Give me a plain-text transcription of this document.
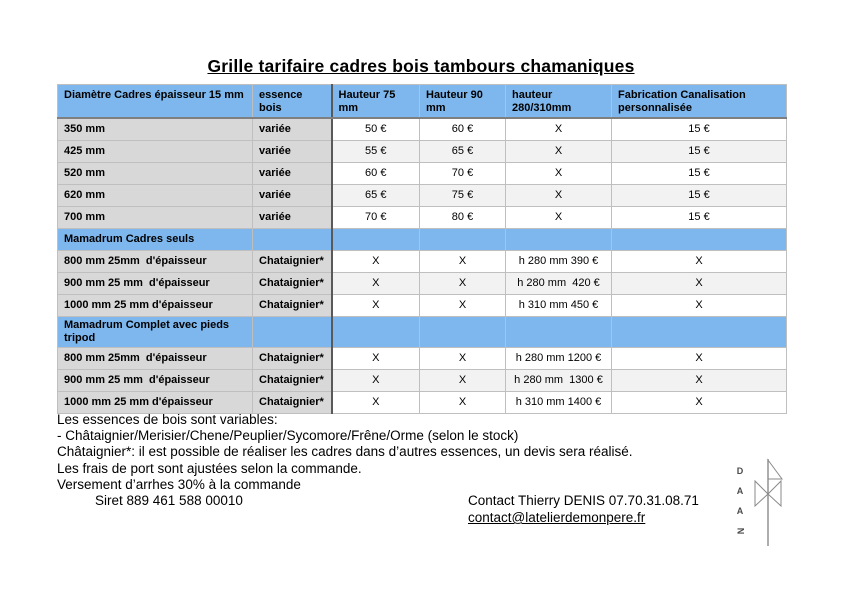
Grille tarifaire cadres bois tambours chamaniques
Diamètre Cadres épaisseur 15 mm	essence bois	Hauteur 75 mm	Hauteur 90 mm	hauteur 280/310mm	Fabrication Canalisation personnalisée
350 mm	variée	50 €	60 €	X	15 €
425 mm	variée	55 €	65 €	X	15 €
520 mm	variée	60 €	70 €	X	15 €
620 mm	variée	65 €	75 €	X	15 €
700 mm	variée	70 €	80 €	X	15 €
Mamadrum Cadres seuls					
800 mm 25mm  d'épaisseur	Chataignier*	X	X	h 280 mm 390 €	X
900 mm 25 mm  d'épaisseur	Chataignier*	X	X	h 280 mm  420 €	X
1000 mm 25 mm d'épaisseur	Chataignier*	X	X	h 310 mm 450 €	X
Mamadrum Complet avec pieds tripod					
800 mm 25mm  d'épaisseur	Chataignier*	X	X	h 280 mm 1200 €	X
900 mm 25 mm  d'épaisseur	Chataignier*	X	X	h 280 mm  1300 €	X
1000 mm 25 mm d'épaisseur	Chataignier*	X	X	h 310 mm 1400 €	X
Les essences de bois sont variables:
- Châtaignier/Merisier/Chene/Peuplier/Sycomore/Frêne/Orme (selon le stock)
Châtaignier*: il est possible de réaliser les cadres dans d’autres essences, un devis sera réalisé.
Les frais de port sont ajustées selon la commande.
Versement d’arrhes 30% à la commande
Siret 889 461 588 00010	Contact Thierry DENIS 07.70.31.08.71
contact@latelierdemonpere.fr
D
A
A
N
